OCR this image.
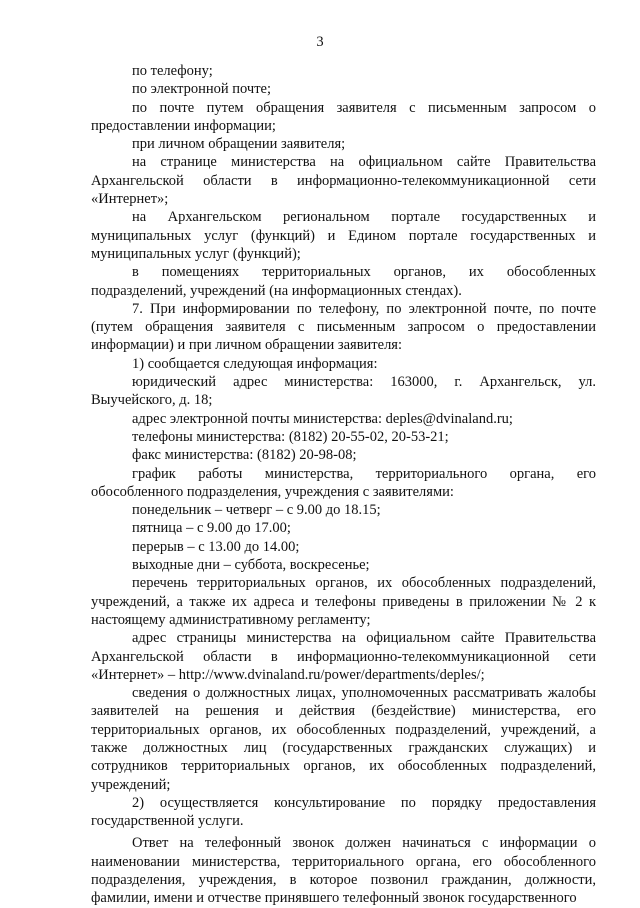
3

по телефону;

по электронной почте;

по почте путем обращения заявителя с письменным запросом о предоставлении информации;

при личном обращении заявителя;

на странице министерства на официальном сайте Правительства Архангельской области в информационно-телекоммуникационной сети «Интернет»;

на Архангельском региональном портале государственных и муниципальных услуг (функций) и Едином портале государственных и муниципальных услуг (функций);

в помещениях территориальных органов, их обособленных подразделений, учреждений (на информационных стендах).

7. При информировании по телефону, по электронной почте, по почте (путем обращения заявителя с письменным запросом о предоставлении информации) и при личном обращении заявителя:

1) сообщается следующая информация:

юридический адрес министерства: 163000, г. Архангельск, ул. Выучейского, д. 18;

адрес электронной почты министерства: deples@dvinaland.ru;

телефоны министерства: (8182) 20-55-02, 20-53-21;

факс министерства: (8182) 20-98-08;

график работы министерства, территориального органа, его обособленного подразделения, учреждения с заявителями:

понедельник – четверг – с 9.00 до 18.15;

пятница – с 9.00 до 17.00;

перерыв – с 13.00 до 14.00;

выходные дни – суббота, воскресенье;

перечень территориальных органов, их обособленных подразделений, учреждений, а также их адреса и телефоны приведены в приложении № 2 к настоящему административному регламенту;

адрес страницы министерства на официальном сайте Правительства Архангельской области в информационно-телекоммуникационной сети «Интернет» – http://www.dvinaland.ru/power/departments/deples/;

сведения о должностных лицах, уполномоченных рассматривать жалобы заявителей на решения и действия (бездействие) министерства, его территориальных органов, их обособленных подразделений, учреждений, а также должностных лиц (государственных гражданских служащих) и сотрудников территориальных органов, их обособленных подразделений, учреждений;

2) осуществляется консультирование по порядку предоставления государственной услуги.

Ответ на телефонный звонок должен начинаться с информации о наименовании министерства, территориального органа, его обособленного подразделения, учреждения, в которое позвонил гражданин, должности, фамилии, имени и отчестве принявшего телефонный звонок государственного
